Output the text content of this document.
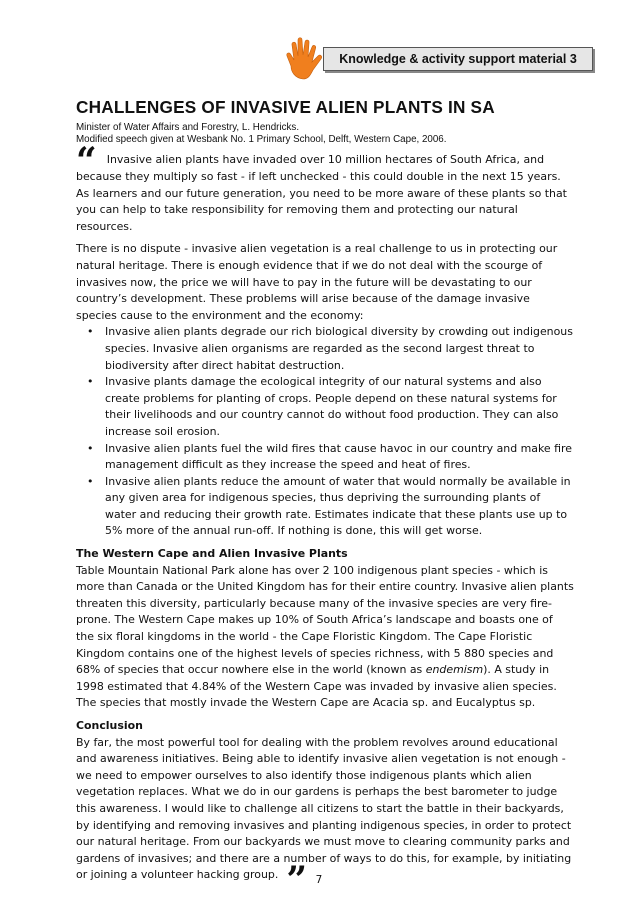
Knowledge & activity support material 3
CHALLENGES OF INVASIVE ALIEN PLANTS IN SA
Minister of Water Affairs and Forestry, L. Hendricks.
Modified speech given at Wesbank No. 1 Primary School, Delft, Western Cape, 2006.

“ Invasive alien plants have invaded over 10 million hectares of South Africa, and because they multiply so fast - if left unchecked - this could double in the next 15 years. As learners and our future generation, you need to be more aware of these plants so that you can help to take responsibility for removing them and protecting our natural resources.

There is no dispute - invasive alien vegetation is a real challenge to us in protecting our natural heritage. There is enough evidence that if we do not deal with the scourge of invasives now, the price we will have to pay in the future will be devastating to our country’s development. These problems will arise because of the damage invasive species cause to the environment and the economy:

• Invasive alien plants degrade our rich biological diversity by crowding out indigenous species. Invasive alien organisms are regarded as the second largest threat to biodiversity after direct habitat destruction.
• Invasive plants damage the ecological integrity of our natural systems and also create problems for planting of crops. People depend on these natural systems for their livelihoods and our country cannot do without food production. They can also increase soil erosion.
• Invasive alien plants fuel the wild fires that cause havoc in our country and make fire management difficult as they increase the speed and heat of fires.
• Invasive alien plants reduce the amount of water that would normally be available in any given area for indigenous species, thus depriving the surrounding plants of water and reducing their growth rate. Estimates indicate that these plants use up to 5% more of the annual run-off. If nothing is done, this will get worse.

The Western Cape and Alien Invasive Plants

Table Mountain National Park alone has over 2 100 indigenous plant species - which is more than Canada or the United Kingdom has for their entire country. Invasive alien plants threaten this diversity, particularly because many of the invasive species are very fire-prone. The Western Cape makes up 10% of South Africa’s landscape and boasts one of the six floral kingdoms in the world - the Cape Floristic Kingdom. The Cape Floristic Kingdom contains one of the highest levels of species richness, with 5 880 species and 68% of species that occur nowhere else in the world (known as endemism). A study in 1998 estimated that 4.84% of the Western Cape was invaded by invasive alien species. The species that mostly invade the Western Cape are Acacia sp. and Eucalyptus sp.

Conclusion

By far, the most powerful tool for dealing with the problem revolves around educational and awareness initiatives. Being able to identify invasive alien vegetation is not enough - we need to empower ourselves to also identify those indigenous plants which alien vegetation replaces. What we do in our gardens is perhaps the best barometer to judge this awareness. I would like to challenge all citizens to start the battle in their backyards, by identifying and removing invasives and planting indigenous species, in order to protect our natural heritage. From our backyards we must move to clearing community parks and gardens of invasives; and there are a number of ways to do this, for example, by initiating or joining a volunteer hacking group. ” 7
